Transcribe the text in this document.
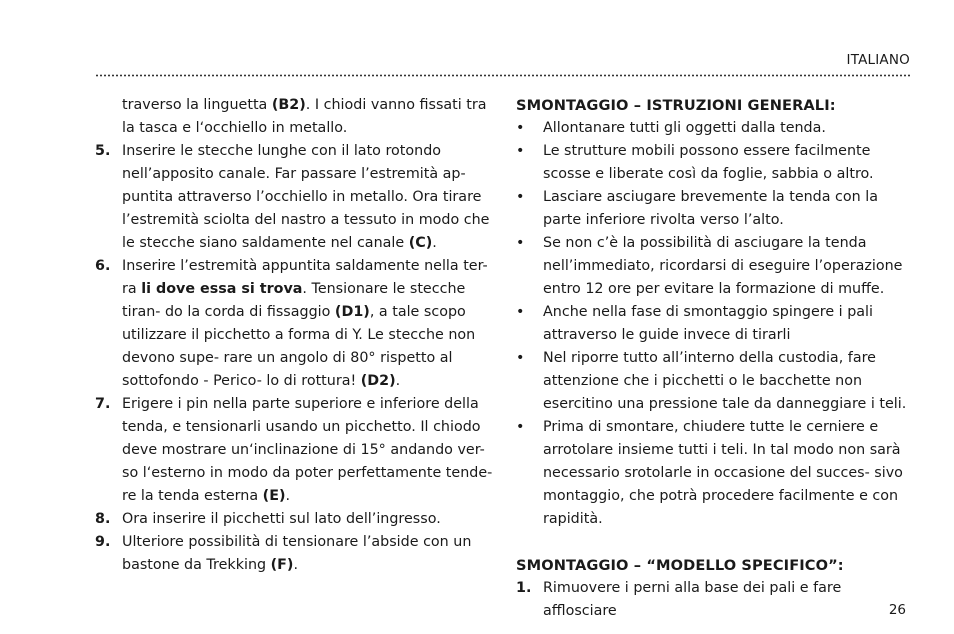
ITALIANO
traverso la linguetta (B2). I chiodi vanno fissati tra la tasca e l‘occhiello in metallo.
5. Inserire le stecche lunghe con il lato rotondo nell’apposito canale. Far passare l’estremità ap- puntita attraverso l’occhiello in metallo. Ora tirare l’estremità sciolta del nastro a tessuto in modo che le stecche siano saldamente nel canale (C).
6. Inserire l’estremità appuntita saldamente nella ter- ra li dove essa si trova. Tensionare le stecche tiran- do la corda di fissaggio (D1), a tale scopo utilizzare il picchetto a forma di Y. Le stecche non devono supe- rare un angolo di 80° rispetto al sottofondo - Perico- lo di rottura! (D2).
7. Erigere i pin nella parte superiore e inferiore della tenda, e tensionarli usando un picchetto. Il chiodo deve mostrare un‘inclinazione di 15° andando ver- so l‘esterno in modo da poter perfettamente tende- re la tenda esterna (E).
8. Ora inserire il picchetti sul lato dell’ingresso.
9. Ulteriore possibilità di tensionare l’abside con un bastone da Trekking (F).
SMONTAGGIO – ISTRUZIONI GENERALI:
•	Allontanare tutti gli oggetti dalla tenda.
•	Le strutture mobili possono essere facilmente scosse e liberate così da foglie, sabbia o altro.
•	Lasciare asciugare brevemente la tenda con la parte inferiore rivolta verso l’alto.
•	Se non c’è la possibilità di asciugare la tenda nell’immediato, ricordarsi di eseguire l’operazione entro 12 ore per evitare la formazione di muffe.
•	Anche nella fase di smontaggio spingere i pali attraverso le guide invece di tirarli
•	Nel riporre tutto all’interno della custodia, fare attenzione che i picchetti o le bacchette non esercitino una pressione tale da danneggiare i teli.
•	Prima di smontare, chiudere tutte le cerniere e arrotolare insieme tutti i teli. In tal modo non sarà necessario srotolarle in occasione del succes- sivo montaggio, che potrà procedere facilmente e con rapidità.
SMONTAGGIO – “MODELLO SPECIFICO”:
1. Rimuovere i perni alla base dei pali e fare afflosciare	26
